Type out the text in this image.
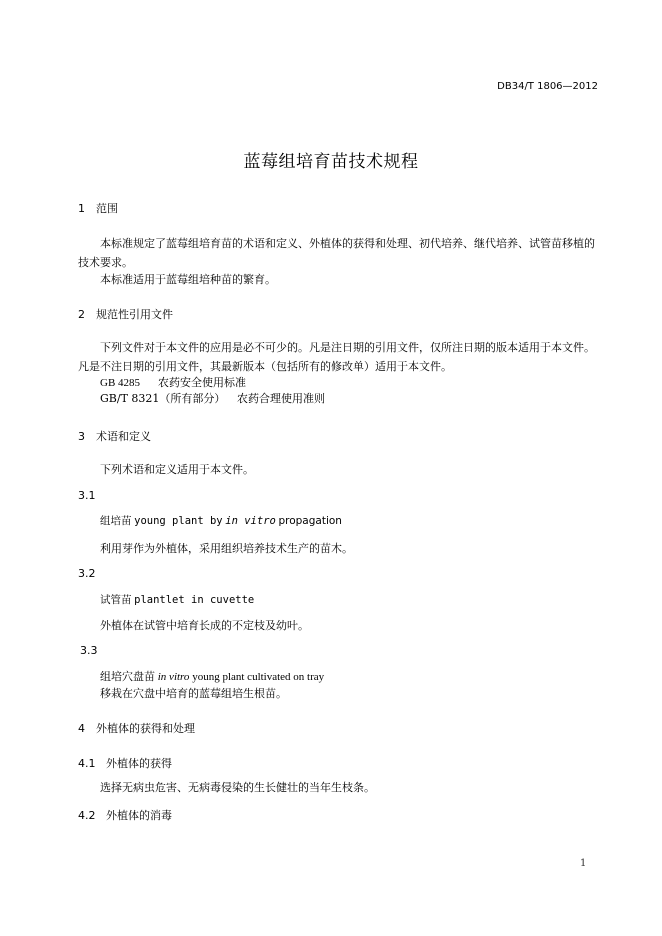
DB34/T 1806—2012
蓝莓组培育苗技术规程
1 范围
本标准规定了蓝莓组培育苗的术语和定义、外植体的获得和处理、初代培养、继代培养、试管苗移植的技术要求。
本标准适用于蓝莓组培种苗的繁育。
2 规范性引用文件
下列文件对于本文件的应用是必不可少的。凡是注日期的引用文件，仅所注日期的版本适用于本文件。凡是不注日期的引用文件，其最新版本（包括所有的修改单）适用于本文件。
GB 4285 农药安全使用标准
GB/T 8321（所有部分） 农药合理使用准则
3 术语和定义
下列术语和定义适用于本文件。
3.1
组培苗 young plant by in vitro propagation
利用芽作为外植体，采用组织培养技术生产的苗木。
3.2
试管苗 plantlet in cuvette
外植体在试管中培育长成的不定枝及幼叶。
3.3
组培穴盘苗 in vitro young plant cultivated on tray
移栽在穴盘中培育的蓝莓组培生根苗。
4 外植体的获得和处理
4.1 外植体的获得
选择无病虫危害、无病毒侵染的生长健壮的当年生枝条。
4.2 外植体的消毒
1
